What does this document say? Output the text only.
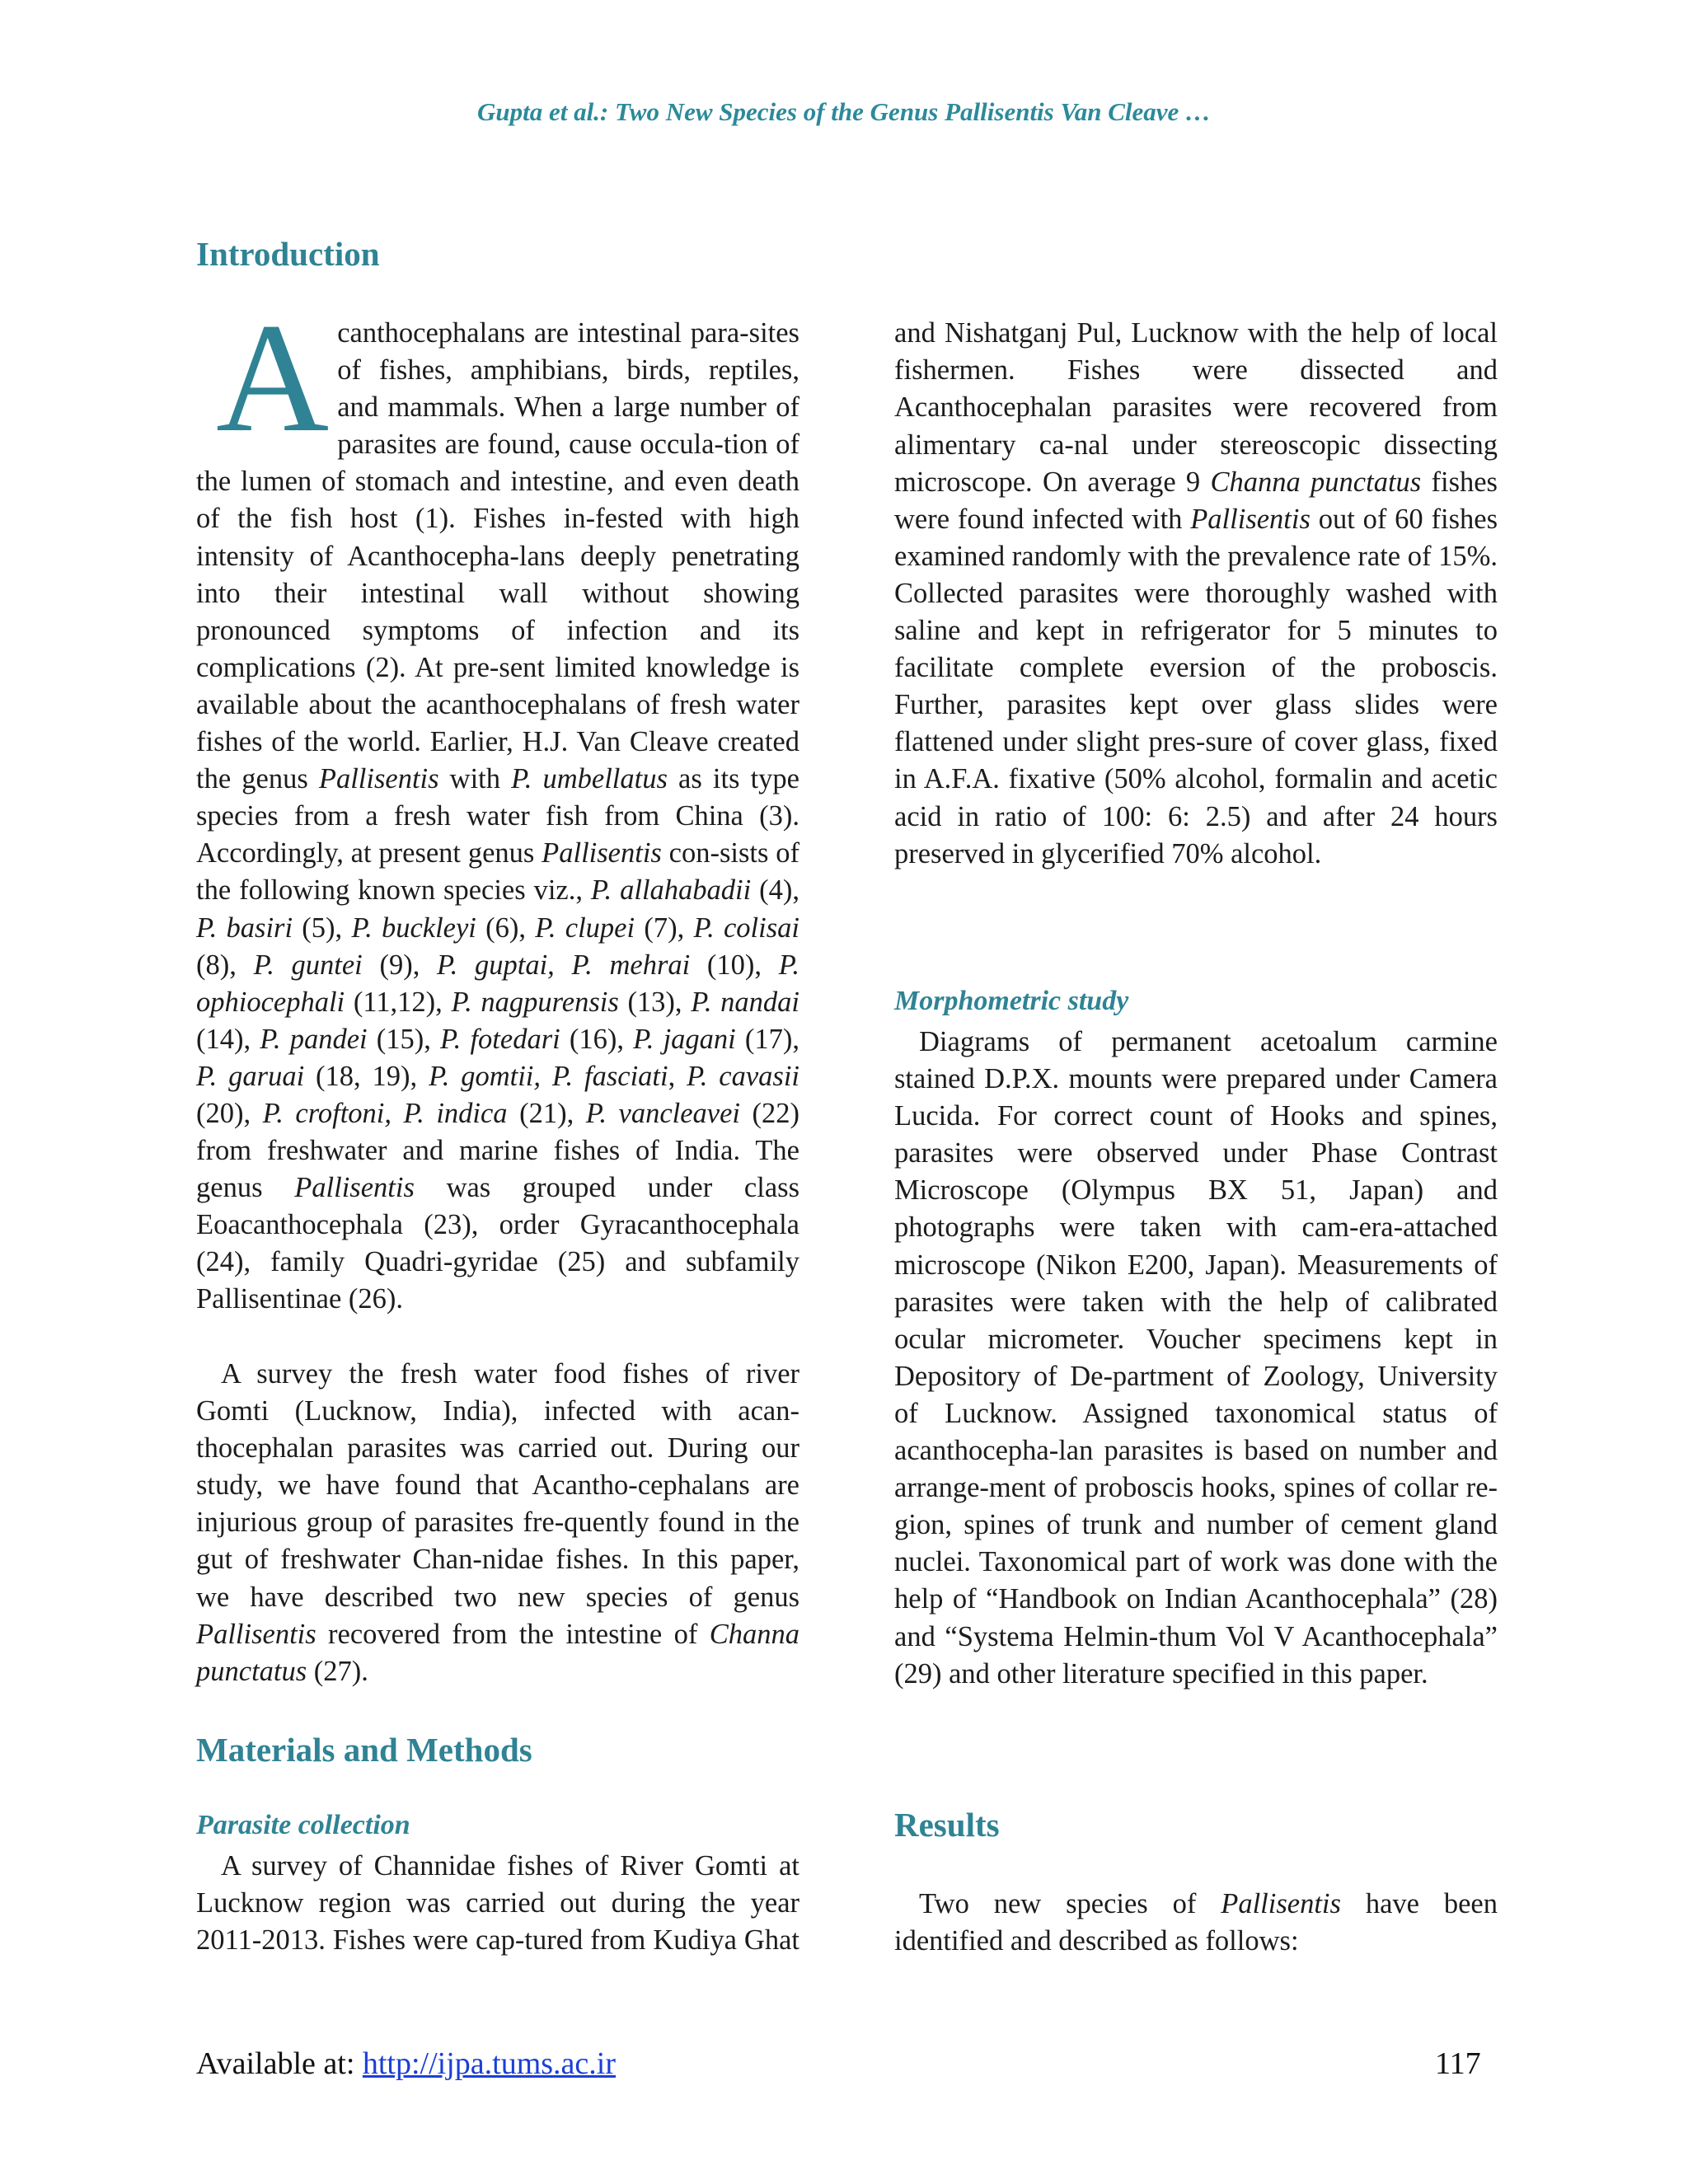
Gupta et al.: Two New Species of the Genus Pallisentis Van Cleave …
Introduction
Acanthocephalans are intestinal para-sites of fishes, amphibians, birds, reptiles, and mammals. When a large number of parasites are found, cause occula-tion of the lumen of stomach and intestine, and even death of the fish host (1). Fishes in-fested with high intensity of Acanthocepha-lans deeply penetrating into their intestinal wall without showing pronounced symptoms of infection and its complications (2). At pre-sent limited knowledge is available about the acanthocephalans of fresh water fishes of the world. Earlier, H.J. Van Cleave created the genus Pallisentis with P. umbellatus as its type species from a fresh water fish from China (3). Accordingly, at present genus Pallisentis con-sists of the following known species viz., P. allahabadii (4), P. basiri (5), P. buckleyi (6), P. clupei (7), P. colisai (8), P. guntei (9), P. guptai, P. mehrai (10), P. ophiocephali (11,12), P. nagpurensis (13), P. nandai (14), P. pandei (15), P. fotedari (16), P. jagani (17), P. garuai (18, 19), P. gomtii, P. fasciati, P. cavasii (20), P. croftoni, P. indica (21), P. vancleavei (22) from freshwater and marine fishes of India. The genus Pallisentis was grouped under class Eoacanthocephala (23), order Gyracanthocephala (24), family Quadri-gyridae (25) and subfamily Pallisentinae (26).
A survey the fresh water food fishes of river Gomti (Lucknow, India), infected with acan-thocephalan parasites was carried out. During our study, we have found that Acantho-cephalans are injurious group of parasites fre-quently found in the gut of freshwater Chan-nidae fishes. In this paper, we have described two new species of genus Pallisentis recovered from the intestine of Channa punctatus (27).
Materials and Methods
Parasite collection
A survey of Channidae fishes of River Gomti at Lucknow region was carried out during the year 2011-2013. Fishes were cap-tured from Kudiya Ghat
and Nishatganj Pul, Lucknow with the help of local fishermen. Fishes were dissected and Acanthocephalan parasites were recovered from alimentary ca-nal under stereoscopic dissecting microscope. On average 9 Channa punctatus fishes were found infected with Pallisentis out of 60 fishes examined randomly with the prevalence rate of 15%. Collected parasites were thoroughly washed with saline and kept in refrigerator for 5 minutes to facilitate complete eversion of the proboscis. Further, parasites kept over glass slides were flattened under slight pres-sure of cover glass, fixed in A.F.A. fixative (50% alcohol, formalin and acetic acid in ratio of 100: 6: 2.5) and after 24 hours preserved in glycerified 70% alcohol.
Morphometric study
Diagrams of permanent acetoalum carmine stained D.P.X. mounts were prepared under Camera Lucida. For correct count of Hooks and spines, parasites were observed under Phase Contrast Microscope (Olympus BX 51, Japan) and photographs were taken with cam-era-attached microscope (Nikon E200, Japan). Measurements of parasites were taken with the help of calibrated ocular micrometer. Voucher specimens kept in Depository of De-partment of Zoology, University of Lucknow. Assigned taxonomical status of acanthocepha-lan parasites is based on number and arrange-ment of proboscis hooks, spines of collar re-gion, spines of trunk and number of cement gland nuclei. Taxonomical part of work was done with the help of “Handbook on Indian Acanthocephala” (28) and “Systema Helmin-thum Vol V Acanthocephala” (29) and other literature specified in this paper.
Results
Two new species of Pallisentis have been identified and described as follows:
Available at: http://ijpa.tums.ac.ir	117
